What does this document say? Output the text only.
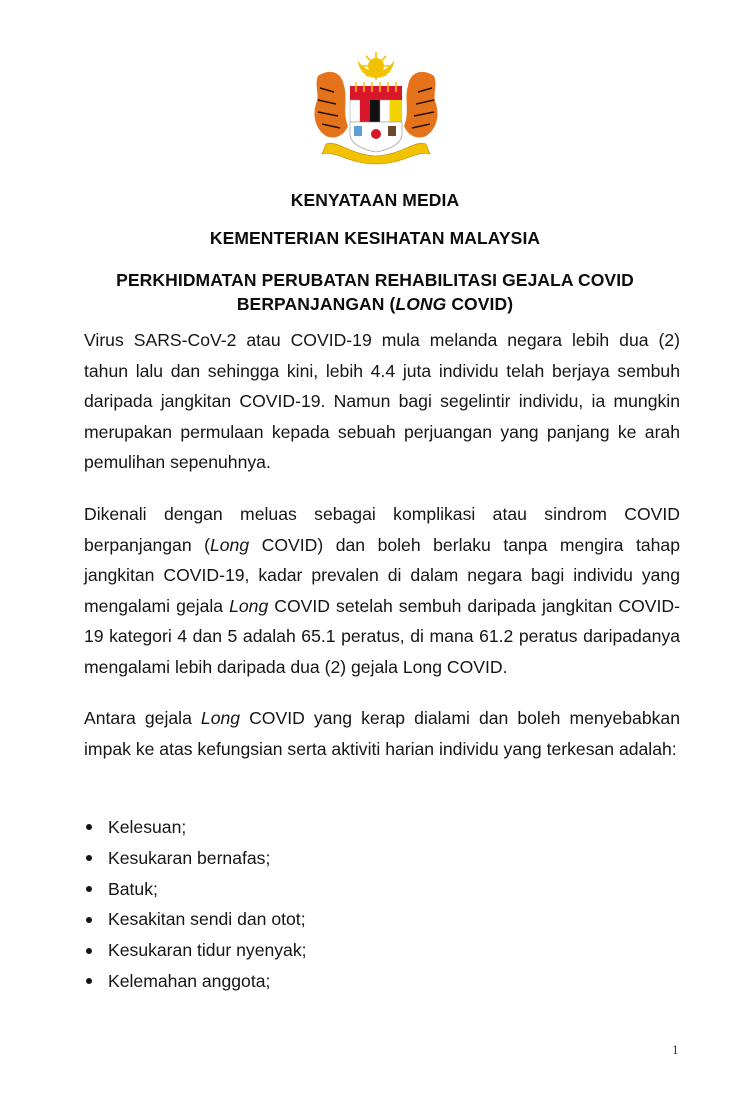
KENYATAAN MEDIA
KEMENTERIAN KESIHATAN MALAYSIA
PERKHIDMATAN PERUBATAN REHABILITASI GEJALA COVID
BERPANJANGAN (LONG COVID)

Virus SARS-CoV-2 atau COVID-19 mula melanda negara lebih dua (2) tahun lalu dan sehingga kini, lebih 4.4 juta individu telah berjaya sembuh daripada jangkitan COVID-19. Namun bagi segelintir individu, ia mungkin merupakan permulaan kepada sebuah perjuangan yang panjang ke arah pemulihan sepenuhnya.

Dikenali dengan meluas sebagai komplikasi atau sindrom COVID berpanjangan (Long COVID) dan boleh berlaku tanpa mengira tahap jangkitan COVID-19, kadar prevalen di dalam negara bagi individu yang mengalami gejala Long COVID setelah sembuh daripada jangkitan COVID-19 kategori 4 dan 5 adalah 65.1 peratus, di mana 61.2 peratus daripadanya mengalami lebih daripada dua (2) gejala Long COVID.

Antara gejala Long COVID yang kerap dialami dan boleh menyebabkan impak ke atas kefungsian serta aktiviti harian individu yang terkesan adalah:

Kelesuan;
Kesukaran bernafas;
Batuk;
Kesakitan sendi dan otot;
Kesukaran tidur nyenyak;
Kelemahan anggota;
1
